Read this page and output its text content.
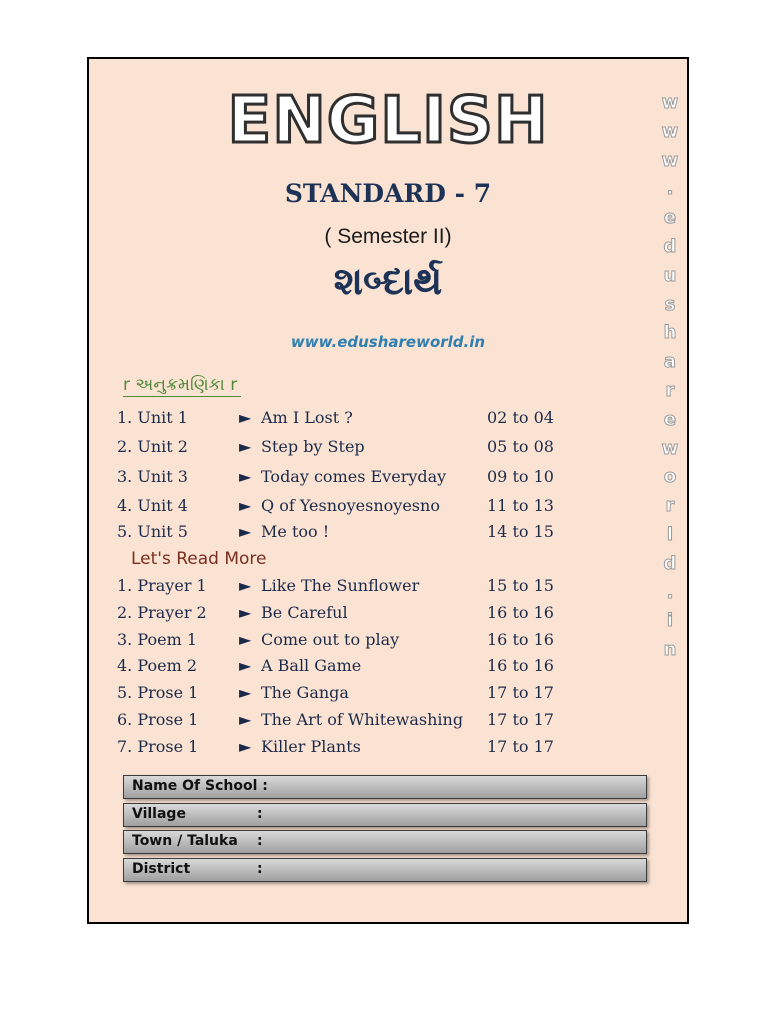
ENGLISH
STANDARD - 7
( Semester II)
શબ્દાર્થ
www.edushareworld.in
r અનુક્રમણિકા r
1. Unit 1	► Am I Lost ?	02 to 04
2. Unit 2	► Step by Step	05 to 08
3. Unit 3	► Today comes Everyday	09 to 10
4. Unit 4	► Q of Yesnoyesnoyesno	11 to 13
5. Unit 5	► Me too !	14 to 15
Let's Read More
1. Prayer 1 ► Like The Sunflower	15 to 15
2. Prayer 2 ► Be Careful	16 to 16
3. Poem 1	► Come out to play	16 to 16
4. Poem 2	► A Ball Game	16 to 16
5. Prose 1	► The Ganga	17 to 17
6. Prose 1	► The Art of Whitewashing 17 to 17
7. Prose 1	► Killer Plants	17 to 17
w
w
w
.
e
d
u
s
h
a
r
e
w
o
r
l
d
.
i
n
Name Of School :
Village	:
Town / Taluka :
District	:
